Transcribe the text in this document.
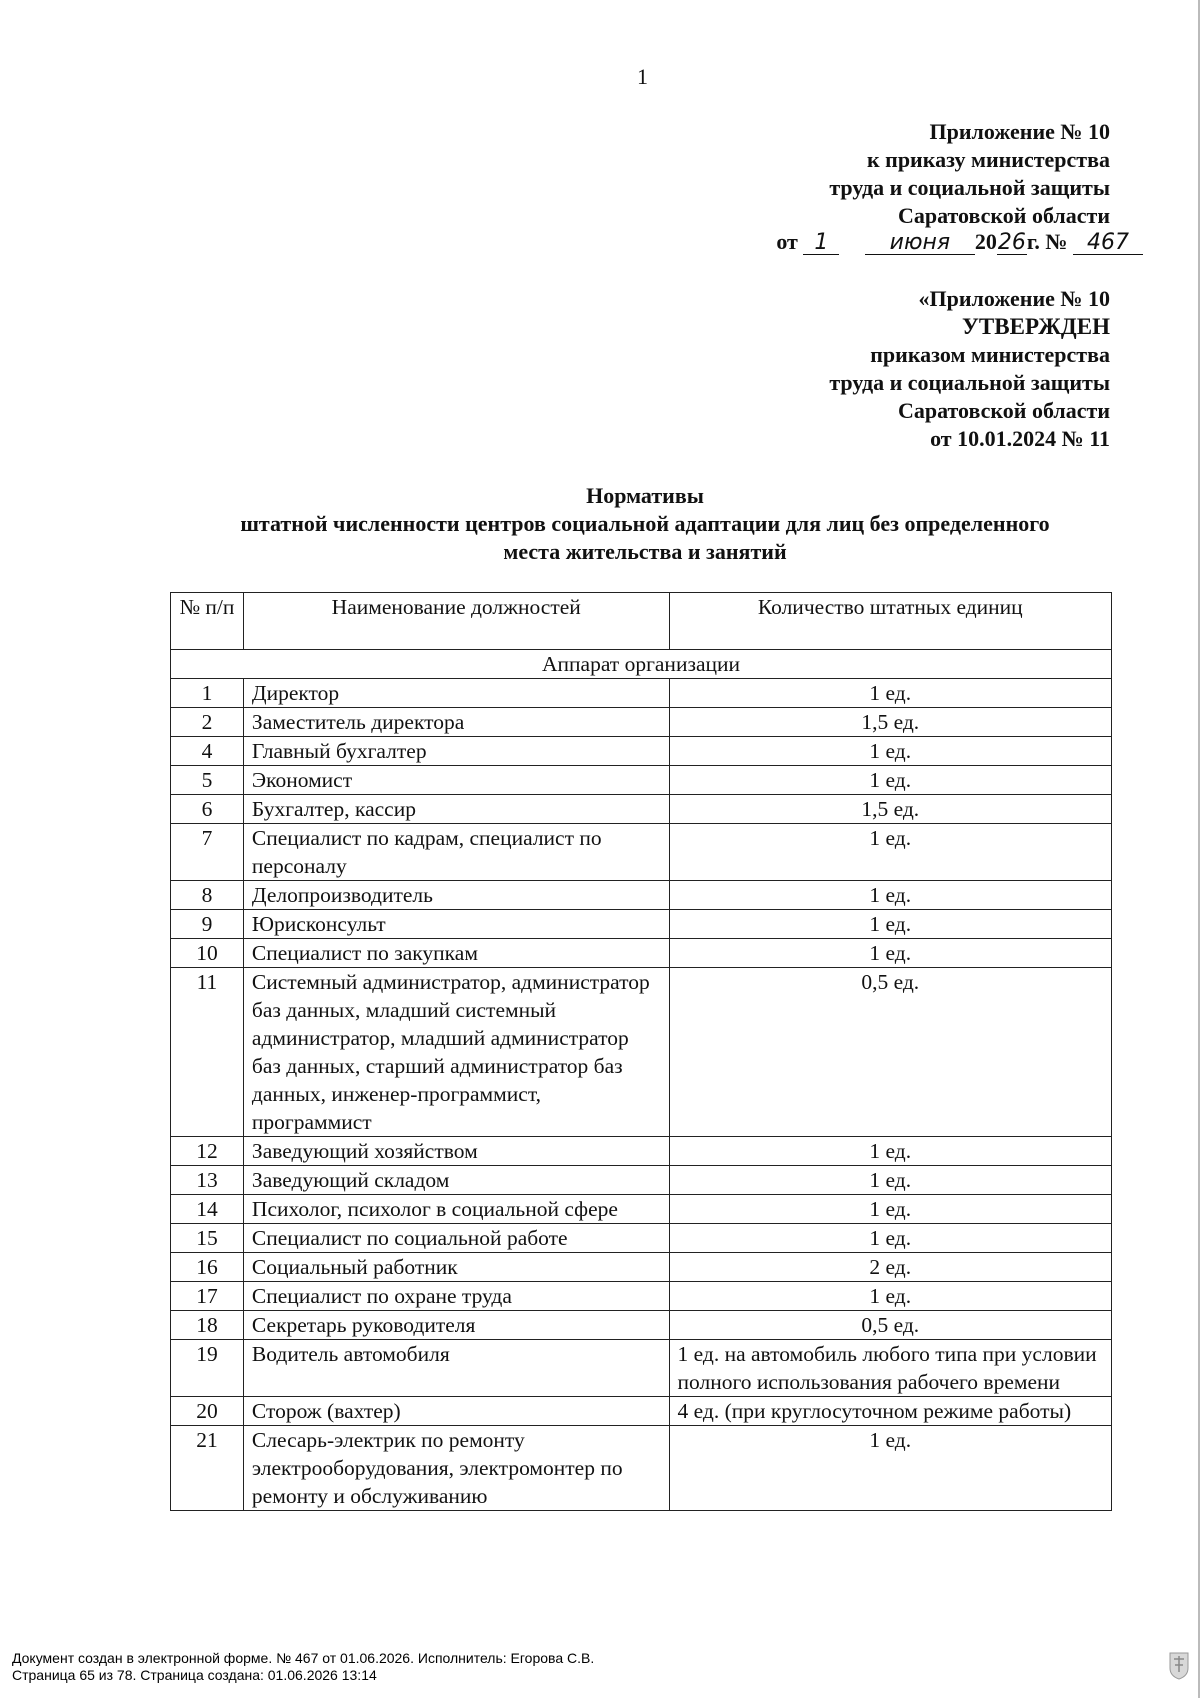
1
Приложение № 10
к приказу министерства
труда и социальной защиты
Саратовской области
от 1	июня 2026г. № 467
«Приложение № 10
УТВЕРЖДЕН
приказом министерства
труда и социальной защиты
Саратовской области
от 10.01.2024 № 11
Нормативы
штатной численности центров социальной адаптации для лиц без определенного
места жительства и занятий
№ п/п	Наименование должностей	Количество штатных единиц
Аппарат организации		
1	Директор	1 ед.
2	Заместитель директора	1,5 ед.
4	Главный бухгалтер	1 ед.
5	Экономист	1 ед.
6	Бухгалтер, кассир	1,5 ед.
7	Специалист по кадрам, специалист по персоналу	1 ед.
8	Делопроизводитель	1 ед.
9	Юрисконсульт	1 ед.
10	Специалист по закупкам	1 ед.
11	Системный администратор, администратор баз данных, младший системный администратор, младший администратор баз данных, старший администратор баз данных, инженер-программист, программист	0,5 ед.
12	Заведующий хозяйством	1 ед.
13	Заведующий складом	1 ед.
14	Психолог, психолог в социальной сфере	1 ед.
15	Специалист по социальной работе	1 ед.
16	Социальный работник	2 ед.
17	Специалист по охране труда	1 ед.
18	Секретарь руководителя	0,5 ед.
19	Водитель автомобиля	1 ед. на автомобиль любого типа при условии полного использования рабочего времени
20	Сторож (вахтер)	4 ед. (при круглосуточном режиме работы)
21	Слесарь-электрик по ремонту электрооборудования, электромонтер по ремонту и обслуживанию	1 ед.
Документ создан в электронной форме. № 467 от 01.06.2026. Исполнитель: Егорова С.В.
Страница 65 из 78. Страница создана: 01.06.2026 13:14
